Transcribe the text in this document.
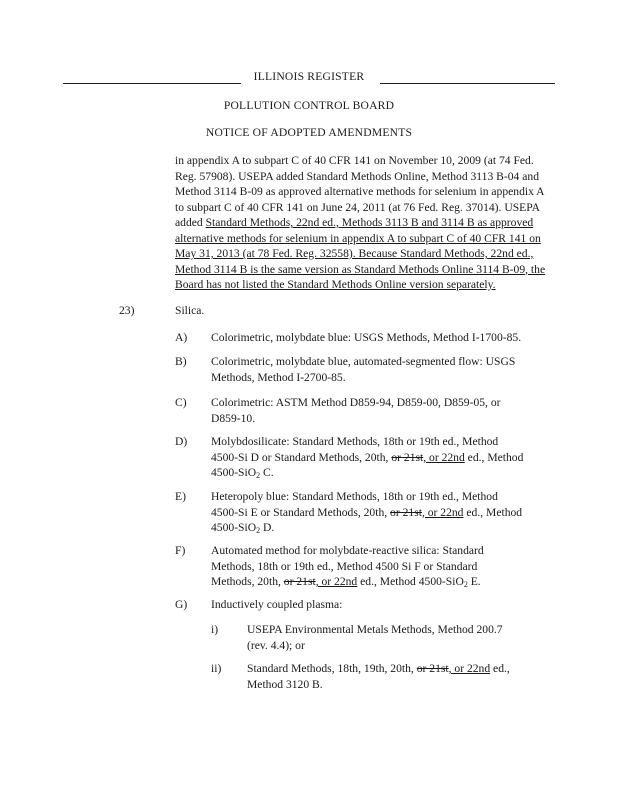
ILLINOIS REGISTER
POLLUTION CONTROL BOARD
NOTICE OF ADOPTED AMENDMENTS
in appendix A to subpart C of 40 CFR 141 on November 10, 2009 (at 74 Fed. Reg. 57908). USEPA added Standard Methods Online, Method 3113 B-04 and Method 3114 B-09 as approved alternative methods for selenium in appendix A to subpart C of 40 CFR 141 on June 24, 2011 (at 76 Fed. Reg. 37014). USEPA added Standard Methods, 22nd ed., Methods 3113 B and 3114 B as approved alternative methods for selenium in appendix A to subpart C of 40 CFR 141 on May 31, 2013 (at 78 Fed. Reg. 32558). Because Standard Methods, 22nd ed., Method 3114 B is the same version as Standard Methods Online 3114 B-09, the Board has not listed the Standard Methods Online version separately.
23)	Silica.
A) Colorimetric, molybdate blue: USGS Methods, Method I-1700-85.
B) Colorimetric, molybdate blue, automated-segmented flow: USGS
Methods, Method I-2700-85.
C) Colorimetric: ASTM Method D859-94, D859-00, D859-05, or
D859-10.
D) Molybdosilicate: Standard Methods, 18th or 19th ed., Method
4500-Si D or Standard Methods, 20th, or 21st, or 22nd ed., Method
4500-SiO$_2$ C.
E) Heteropoly blue: Standard Methods, 18th or 19th ed., Method
4500-Si E or Standard Methods, 20th, or 21st, or 22nd ed., Method
4500-SiO$_2$ D.
F) Automated method for molybdate-reactive silica: Standard
Methods, 18th or 19th ed., Method 4500 Si F or Standard
Methods, 20th, or 21st, or 22nd ed., Method 4500-SiO$_2$ E.
G) Inductively coupled plasma:
i) USEPA Environmental Metals Methods, Method 200.7
(rev. 4.4); or
ii) Standard Methods, 18th, 19th, 20th, or 21st, or 22nd ed.,
Method 3120 B.
